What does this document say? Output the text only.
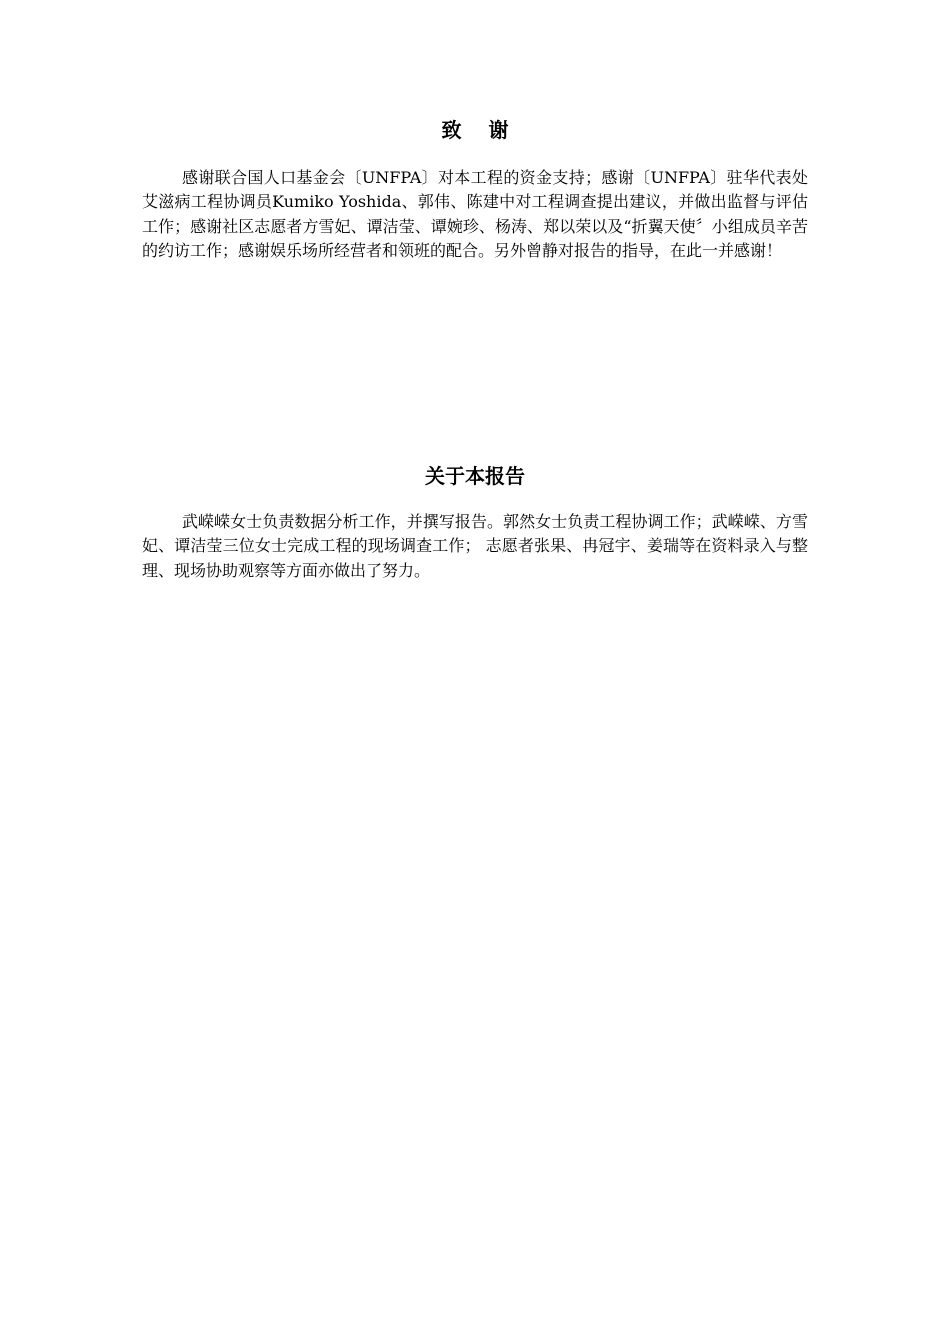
致 谢

感谢联合国人口基金会〔UNFPA〕对本工程的资金支持；感谢〔UNFPA〕驻华代表处艾滋病工程协调员Kumiko Yoshida、郭伟、陈建中对工程调查提出建议，并做出监督与评估工作；感谢社区志愿者方雪妃、谭洁莹、谭婉珍、杨涛、郑以荣以及“折翼天使〞小组成员辛苦的约访工作；感谢娱乐场所经营者和领班的配合。另外曾静对报告的指导，在此一并感谢！

关于本报告

武嵘嵘女士负责数据分析工作，并撰写报告。郭然女士负责工程协调工作；武嵘嵘、方雪妃、谭洁莹三位女士完成工程的现场调查工作； 志愿者张果、冉冠宇、姜瑞等在资料录入与整理、现场协助观察等方面亦做出了努力。
